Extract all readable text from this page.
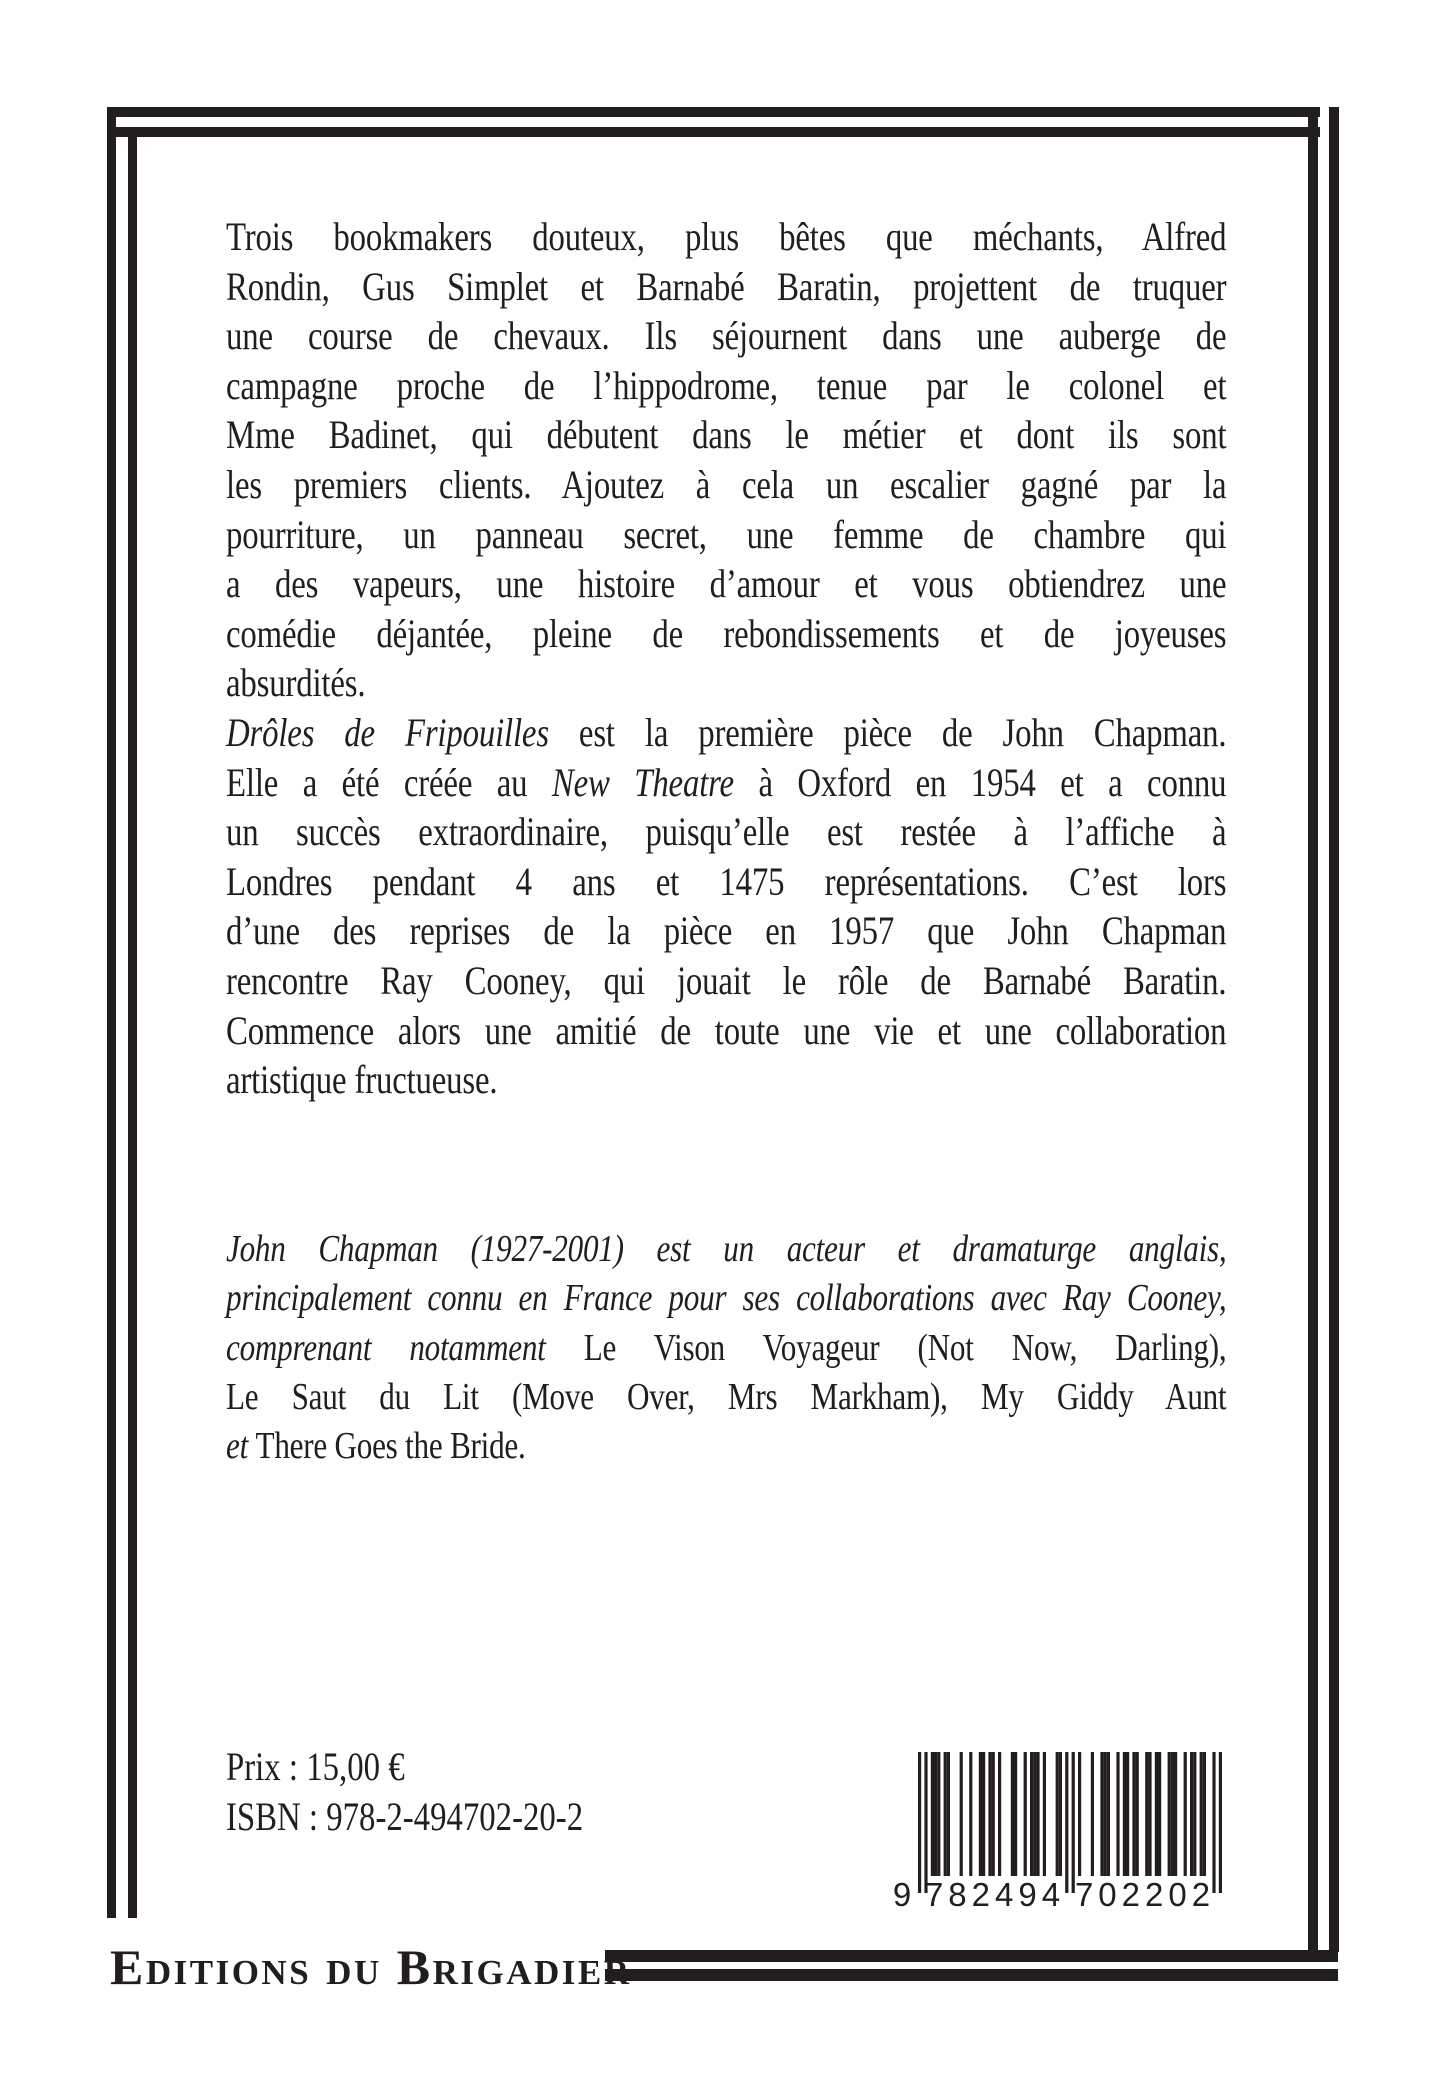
Trois bookmakers douteux, plus bêtes que méchants, Alfred
Rondin, Gus Simplet et Barnabé Baratin, projettent de truquer
une course de chevaux. Ils séjournent dans une auberge de
campagne proche de l’hippodrome, tenue par le colonel et
Mme Badinet, qui débutent dans le métier et dont ils sont
les premiers clients. Ajoutez à cela un escalier gagné par la
pourriture, un panneau secret, une femme de chambre qui
a des vapeurs, une histoire d’amour et vous obtiendrez une
comédie déjantée, pleine de rebondissements et de joyeuses
absurdités.
Drôles de Fripouilles est la première pièce de John Chapman.
Elle a été créée au New Theatre à Oxford en 1954 et a connu
un succès extraordinaire, puisqu’elle est restée à l’affiche à
Londres pendant 4 ans et 1475 représentations. C’est lors
d’une des reprises de la pièce en 1957 que John Chapman
rencontre Ray Cooney, qui jouait le rôle de Barnabé Baratin.
Commence alors une amitié de toute une vie et une collaboration
artistique fructueuse.
John Chapman (1927-2001) est un acteur et dramaturge anglais,
principalement connu en France pour ses collaborations avec Ray Cooney,
comprenant notamment Le Vison Voyageur (Not Now, Darling),
Le Saut du Lit (Move Over, Mrs Markham), My Giddy Aunt
et There Goes the Bride.
Prix : 15,00 €
ISBN : 978-2-494702-20-2
9 782494 702202
Editions du Brigadier
